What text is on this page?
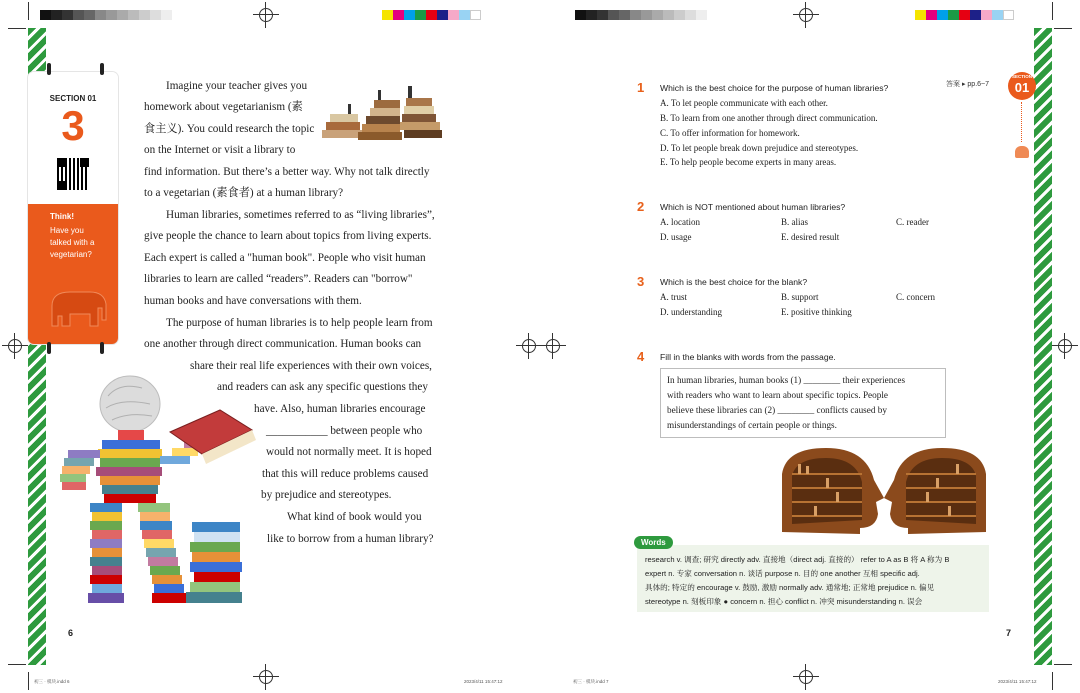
SECTION 01
3
Think!
Have you
talked with a
vegetarian?
Imagine your teacher gives you
homework about vegetarianism (素
食主义). You could research the topic
on the Internet or visit a library to
find information. But there’s a better way. Why not talk directly
to a vegetarian (素食者) at a human library?
Human libraries, sometimes referred to as “living libraries”,
give people the chance to learn about topics from living experts.
Each expert is called a "human book". People who visit human
libraries to learn are called “readers”. Readers can "borrow"
human books and have conversations with them.
The purpose of human libraries is to help people learn from
one another through direct communication. Human books can
share their real life experiences with their own voices,
and readers can ask any specific questions they
have. Also, human libraries encourage
___________ between people who
would not normally meet. It is hoped
that this will reduce problems caused
by prejudice and stereotypes.
What kind of book would you
like to borrow from a human library?
6
初三 · 模块.indd 6	2023/4/11 15:47:12
答案 ▸ pp.6~7
SECTION
01
1 Which is the best choice for the purpose of human libraries?
A. To let people communicate with each other.
B. To learn from one another through direct communication.
C. To offer information for homework.
D. To let people break down prejudice and stereotypes.
E. To help people become experts in many areas.
2 Which is NOT mentioned about human libraries?
A. location	B. alias	C. reader
D. usage	E. desired result
3 Which is the best choice for the blank?
A. trust	B. support	C. concern
D. understanding	E. positive thinking
4 Fill in the blanks with words from the passage.
In human libraries, human books (1) ________ their experiences
with readers who want to learn about specific topics. People
believe these libraries can (2) ________ conflicts caused by
misunderstandings of certain people or things.
research v. 调查; 研究 directly adv. 直接地（direct adj. 直接的） refer to A as B 将 A 称为 B
expert n. 专家 conversation n. 谈话 purpose n. 目的 one another 互相 specific adj.
具体的; 特定的 encourage v. 鼓励, 激励 normally adv. 通常地; 正常地 prejudice n. 偏见
stereotype n. 刻板印象 ● concern n. 担心 conflict n. 冲突 misunderstanding n. 误会
Words
7
初三 · 模块.indd 7	2023/4/11 15:47:12
